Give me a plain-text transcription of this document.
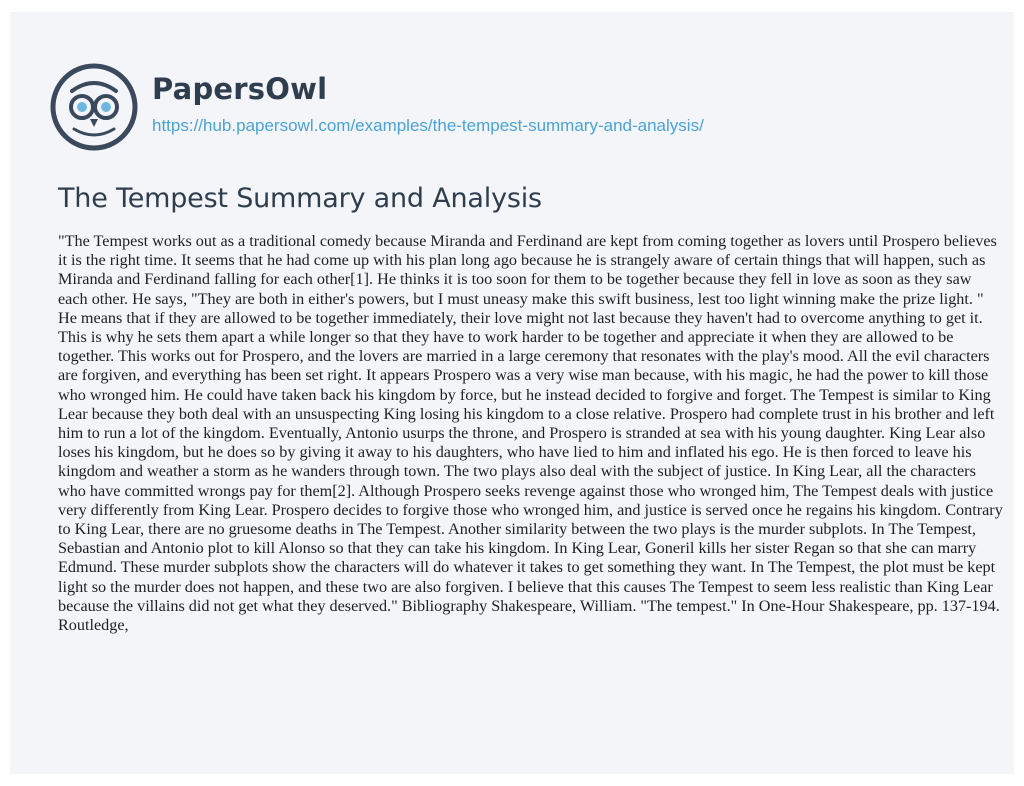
PapersOwl
https://hub.papersowl.com/examples/the-tempest-summary-and-analysis/
The Tempest Summary and Analysis

"The Tempest works out as a traditional comedy because Miranda and Ferdinand are kept from coming together as lovers until Prospero believes it is the right time. It seems that he had come up with his plan long ago because he is strangely aware of certain things that will happen, such as Miranda and Ferdinand falling for each other[1]. He thinks it is too soon for them to be together because they fell in love as soon as they saw each other. He says, "They are both in either's powers, but I must uneasy make this swift business, lest too light winning make the prize light. " He means that if they are allowed to be together immediately, their love might not last because they haven't had to overcome anything to get it. This is why he sets them apart a while longer so that they have to work harder to be together and appreciate it when they are allowed to be together. This works out for Prospero, and the lovers are married in a large ceremony that resonates with the play's mood. All the evil characters are forgiven, and everything has been set right. It appears Prospero was a very wise man because, with his magic, he had the power to kill those who wronged him. He could have taken back his kingdom by force, but he instead decided to forgive and forget. The Tempest is similar to King Lear because they both deal with an unsuspecting King losing his kingdom to a close relative. Prospero had complete trust in his brother and left him to run a lot of the kingdom. Eventually, Antonio usurps the throne, and Prospero is stranded at sea with his young daughter. King Lear also loses his kingdom, but he does so by giving it away to his daughters, who have lied to him and inflated his ego. He is then forced to leave his kingdom and weather a storm as he wanders through town. The two plays also deal with the subject of justice. In King Lear, all the characters who have committed wrongs pay for them[2]. Although Prospero seeks revenge against those who wronged him, The Tempest deals with justice very differently from King Lear. Prospero decides to forgive those who wronged him, and justice is served once he regains his kingdom. Contrary to King Lear, there are no gruesome deaths in The Tempest. Another similarity between the two plays is the murder subplots. In The Tempest, Sebastian and Antonio plot to kill Alonso so that they can take his kingdom. In King Lear, Goneril kills her sister Regan so that she can marry Edmund. These murder subplots show the characters will do whatever it takes to get something they want. In The Tempest, the plot must be kept light so the murder does not happen, and these two are also forgiven. I believe that this causes The Tempest to seem less realistic than King Lear because the villains did not get what they deserved." Bibliography Shakespeare, William. "The tempest." In One-Hour Shakespeare, pp. 137-194. Routledge,
